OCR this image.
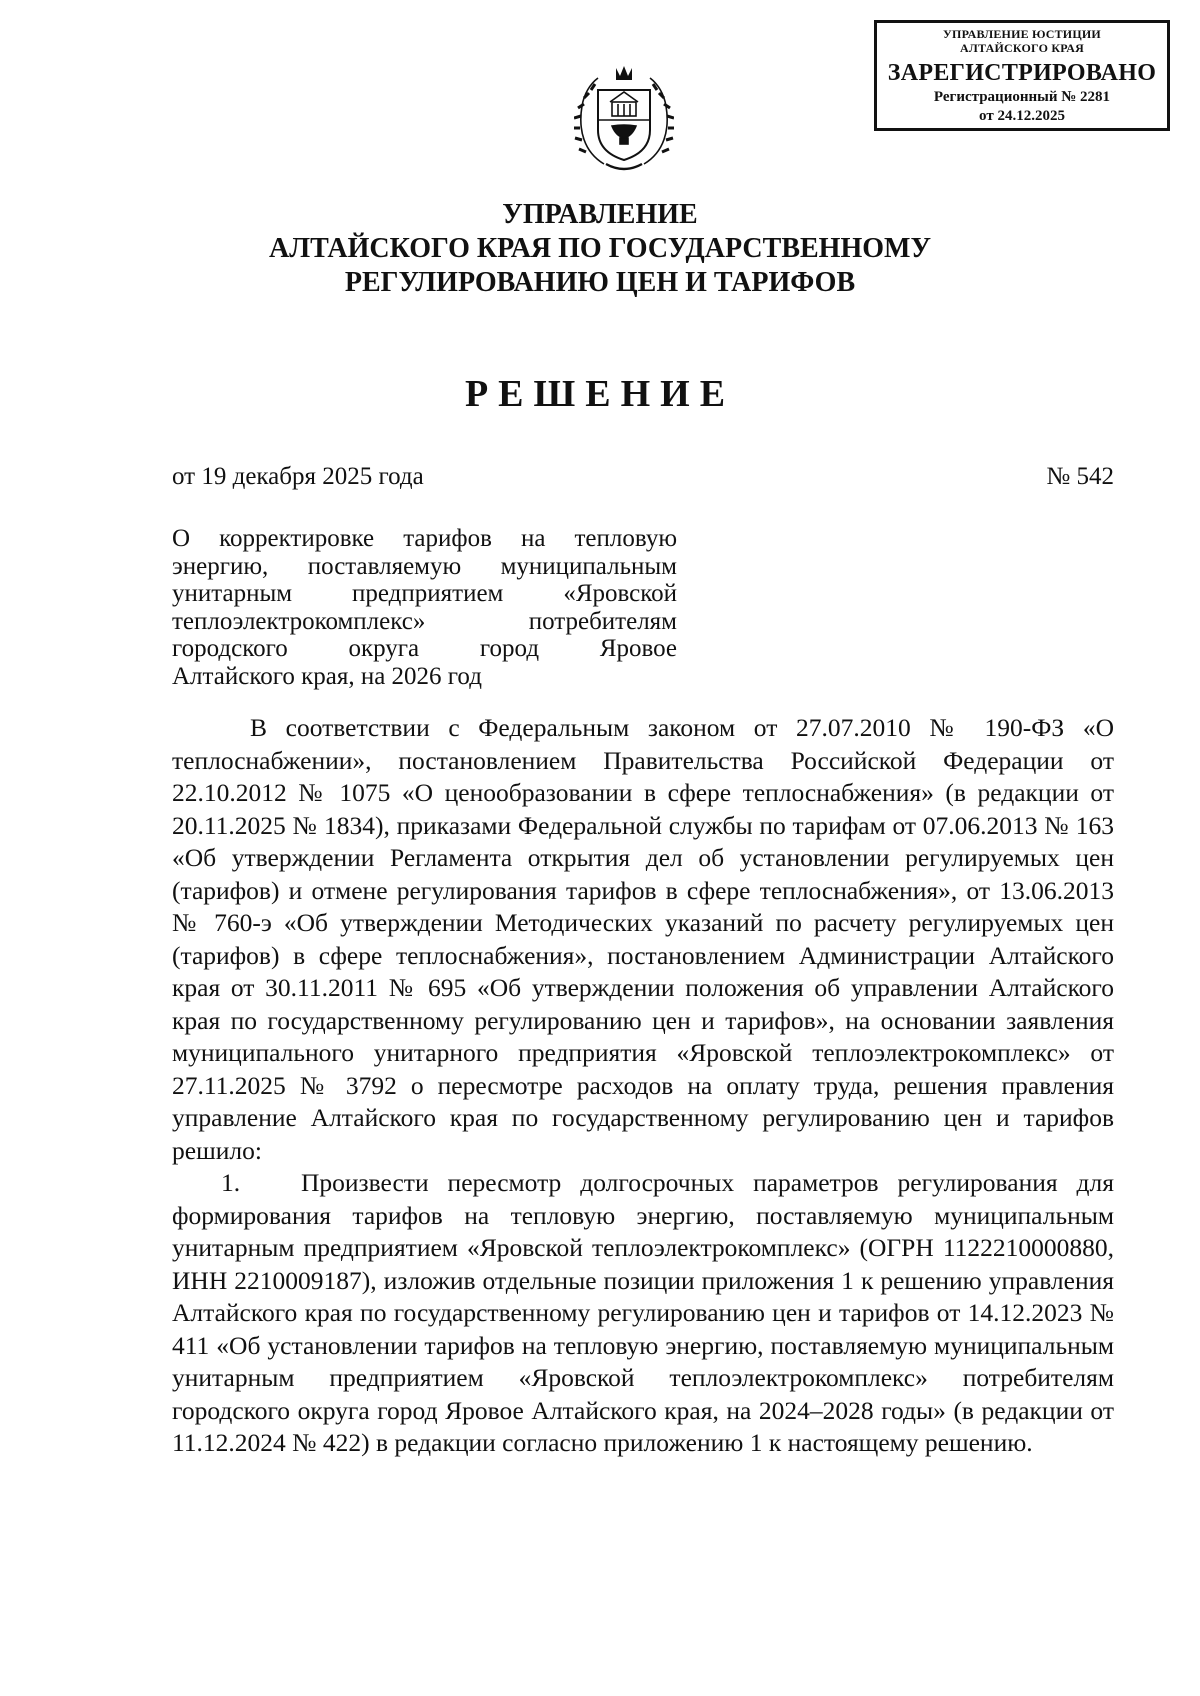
УПРАВЛЕНИЕ ЮСТИЦИИ
АЛТАЙСКОГО КРАЯ
ЗАРЕГИСТРИРОВАНО
Регистрационный № 2281
от 24.12.2025
УПРАВЛЕНИЕ
АЛТАЙСКОГО КРАЯ ПО ГОСУДАРСТВЕННОМУ
РЕГУЛИРОВАНИЮ ЦЕН И ТАРИФОВ
РЕШЕНИЕ
от 19 декабря 2025 года	№ 542
О корректировке тарифов на тепловую
энергию, поставляемую муниципальным
унитарным предприятием «Яровской
теплоэлектрокомплекс» потребителям
городского округа город Яровое
Алтайского края, на 2026 год

В соответствии с Федеральным законом от 27.07.2010 № 190-ФЗ «О теплоснабжении», постановлением Правительства Российской Федерации от 22.10.2012 № 1075 «О ценообразовании в сфере теплоснабжения» (в редакции от 20.11.2025 № 1834), приказами Федеральной службы по тарифам от 07.06.2013 № 163 «Об утверждении Регламента открытия дел об установлении регулируемых цен (тарифов) и отмене регулирования тарифов в сфере теплоснабжения», от 13.06.2013 № 760-э «Об утверждении Методических указаний по расчету регулируемых цен (тарифов) в сфере теплоснабжения», постановлением Администрации Алтайского края от 30.11.2011 № 695 «Об утверждении положения об управлении Алтайского края по государственному регулированию цен и тарифов», на основании заявления муниципального унитарного предприятия «Яровской теплоэлектрокомплекс» от 27.11.2025 № 3792 о пересмотре расходов на оплату труда, решения правления управление Алтайского края по государственному регулированию цен и тарифов решило:

1. Произвести пересмотр долгосрочных параметров регулирования для формирования тарифов на тепловую энергию, поставляемую муниципальным унитарным предприятием «Яровской теплоэлектрокомплекс» (ОГРН 1122210000880, ИНН 2210009187), изложив отдельные позиции приложения 1 к решению управления Алтайского края по государственному регулированию цен и тарифов от 14.12.2023 № 411 «Об установлении тарифов на тепловую энергию, поставляемую муниципальным унитарным предприятием «Яровской теплоэлектрокомплекс» потребителям городского округа город Яровое Алтайского края, на 2024–2028 годы» (в редакции от 11.12.2024 № 422) в редакции согласно приложению 1 к настоящему решению.
